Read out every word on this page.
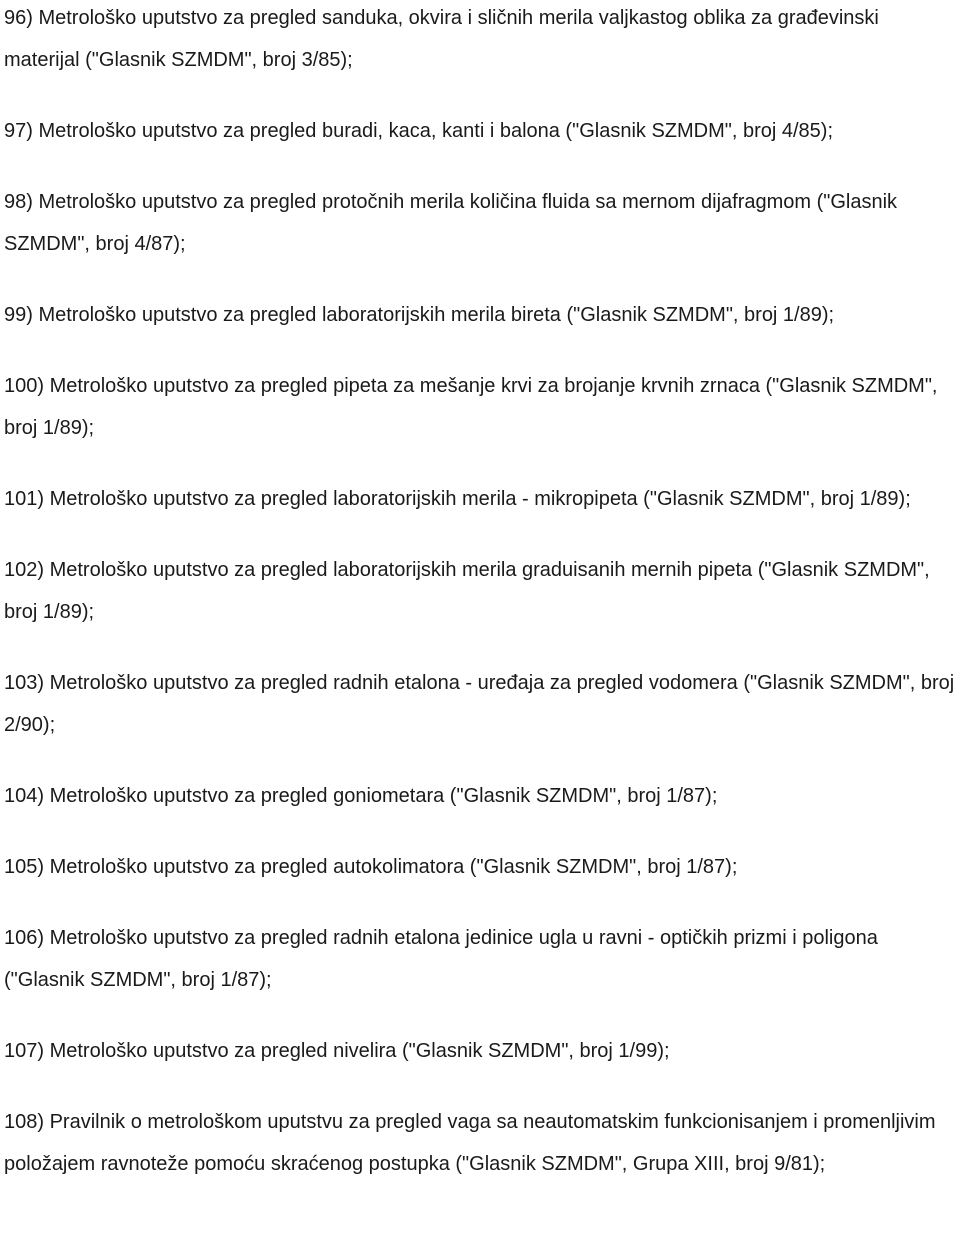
96) Metrološko uputstvo za pregled sanduka, okvira i sličnih merila valjkastog oblika za građevinski materijal ("Glasnik SZMDM", broj 3/85);

97) Metrološko uputstvo za pregled buradi, kaca, kanti i balona ("Glasnik SZMDM", broj 4/85);

98) Metrološko uputstvo za pregled protočnih merila količina fluida sa mernom dijafragmom ("Glasnik SZMDM", broj 4/87);

99) Metrološko uputstvo za pregled laboratorijskih merila bireta ("Glasnik SZMDM", broj 1/89);

100) Metrološko uputstvo za pregled pipeta za mešanje krvi za brojanje krvnih zrnaca ("Glasnik SZMDM", broj 1/89);

101) Metrološko uputstvo za pregled laboratorijskih merila - mikropipeta ("Glasnik SZMDM", broj 1/89);

102) Metrološko uputstvo za pregled laboratorijskih merila graduisanih mernih pipeta ("Glasnik SZMDM", broj 1/89);

103) Metrološko uputstvo za pregled radnih etalona - uređaja za pregled vodomera ("Glasnik SZMDM", broj 2/90);

104) Metrološko uputstvo za pregled goniometara ("Glasnik SZMDM", broj 1/87);

105) Metrološko uputstvo za pregled autokolimatora ("Glasnik SZMDM", broj 1/87);

106) Metrološko uputstvo za pregled radnih etalona jedinice ugla u ravni - optičkih prizmi i poligona ("Glasnik SZMDM", broj 1/87);

107) Metrološko uputstvo za pregled nivelira ("Glasnik SZMDM", broj 1/99);

108) Pravilnik o metrološkom uputstvu za pregled vaga sa neautomatskim funkcionisanjem i promenljivim položajem ravnoteže pomoću skraćenog postupka ("Glasnik SZMDM", Grupa XIII, broj 9/81);
